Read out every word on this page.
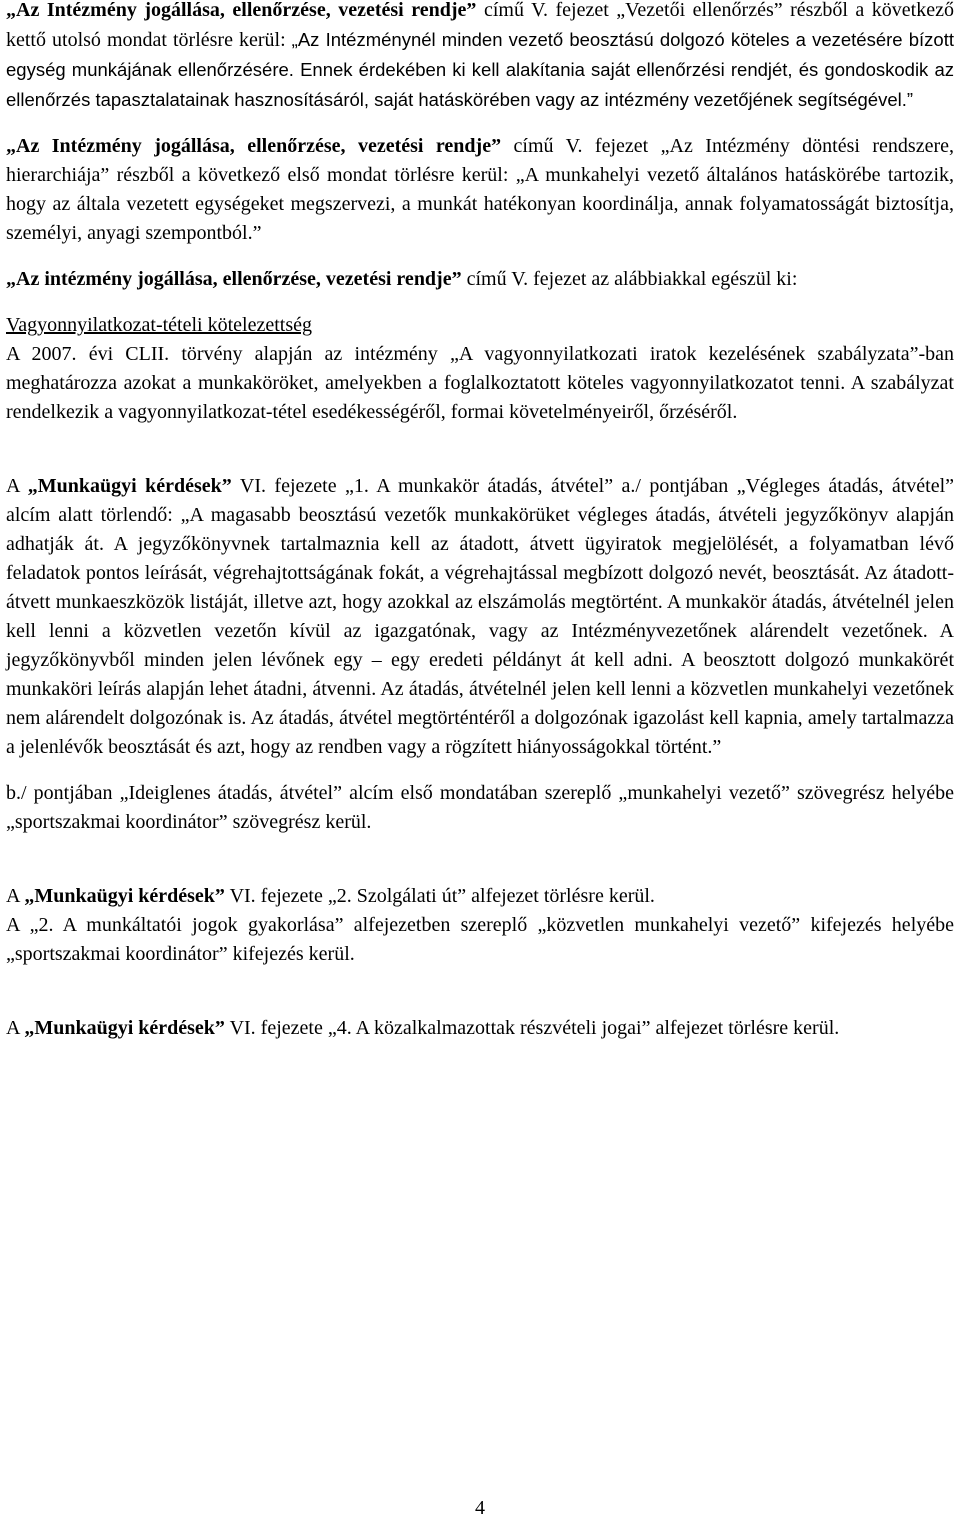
„Az Intézmény jogállása, ellenőrzése, vezetési rendje” című V. fejezet „Vezetői ellenőrzés” részből a következő kettő utolsó mondat törlésre kerül: „Az Intézménynél minden vezető beosztású dolgozó köteles a vezetésére bízott egység munkájának ellenőrzésére. Ennek érdekében ki kell alakítania saját ellenőrzési rendjét, és gondoskodik az ellenőrzés tapasztalatainak hasznosításáról, saját hatáskörében vagy az intézmény vezetőjének segítségével.”

„Az Intézmény jogállása, ellenőrzése, vezetési rendje” című V. fejezet „Az Intézmény döntési rendszere, hierarchiája” részből a következő első mondat törlésre kerül: „A munkahelyi vezető általános hatáskörébe tartozik, hogy az általa vezetett egységeket megszervezi, a munkát hatékonyan koordinálja, annak folyamatosságát biztosítja, személyi, anyagi szempontból.”

„Az intézmény jogállása, ellenőrzése, vezetési rendje” című V. fejezet az alábbiakkal egészül ki:

Vagyonnyilatkozat-tételi kötelezettség

A 2007. évi CLII. törvény alapján az intézmény „A vagyonnyilatkozati iratok kezelésének szabályzata”-ban meghatározza azokat a munkaköröket, amelyekben a foglalkoztatott köteles vagyonnyilatkozatot tenni. A szabályzat rendelkezik a vagyonnyilatkozat-tétel esedékességéről, formai követelményeiről, őrzéséről.

A „Munkaügyi kérdések” VI. fejezete „1. A munkakör átadás, átvétel” a./ pontjában „Végleges átadás, átvétel” alcím alatt törlendő: „A magasabb beosztású vezetők munkakörüket végleges átadás, átvételi jegyzőkönyv alapján adhatják át. A jegyzőkönyvnek tartalmaznia kell az átadott, átvett ügyiratok megjelölését, a folyamatban lévő feladatok pontos leírását, végrehajtottságának fokát, a végrehajtással megbízott dolgozó nevét, beosztását. Az átadott-átvett munkaeszközök listáját, illetve azt, hogy azokkal az elszámolás megtörtént. A munkakör átadás, átvételnél jelen kell lenni a közvetlen vezetőn kívül az igazgatónak, vagy az Intézményvezetőnek alárendelt vezetőnek. A jegyzőkönyvből minden jelen lévőnek egy – egy eredeti példányt át kell adni. A beosztott dolgozó munkakörét munkaköri leírás alapján lehet átadni, átvenni. Az átadás, átvételnél jelen kell lenni a közvetlen munkahelyi vezetőnek nem alárendelt dolgozónak is. Az átadás, átvétel megtörténtéről a dolgozónak igazolást kell kapnia, amely tartalmazza a jelenlévők beosztását és azt, hogy az rendben vagy a rögzített hiányosságokkal történt.”

b./ pontjában „Ideiglenes átadás, átvétel” alcím első mondatában szereplő „munkahelyi vezető” szövegrész helyébe „sportszakmai koordinátor” szövegrész kerül.

A „Munkaügyi kérdések” VI. fejezete „2. Szolgálati út” alfejezet törlésre kerül.

A „2. A munkáltatói jogok gyakorlása” alfejezetben szereplő „közvetlen munkahelyi vezető” kifejezés helyébe „sportszakmai koordinátor” kifejezés kerül.

A „Munkaügyi kérdések” VI. fejezete „4. A közalkalmazottak részvételi jogai” alfejezet törlésre kerül.

4
